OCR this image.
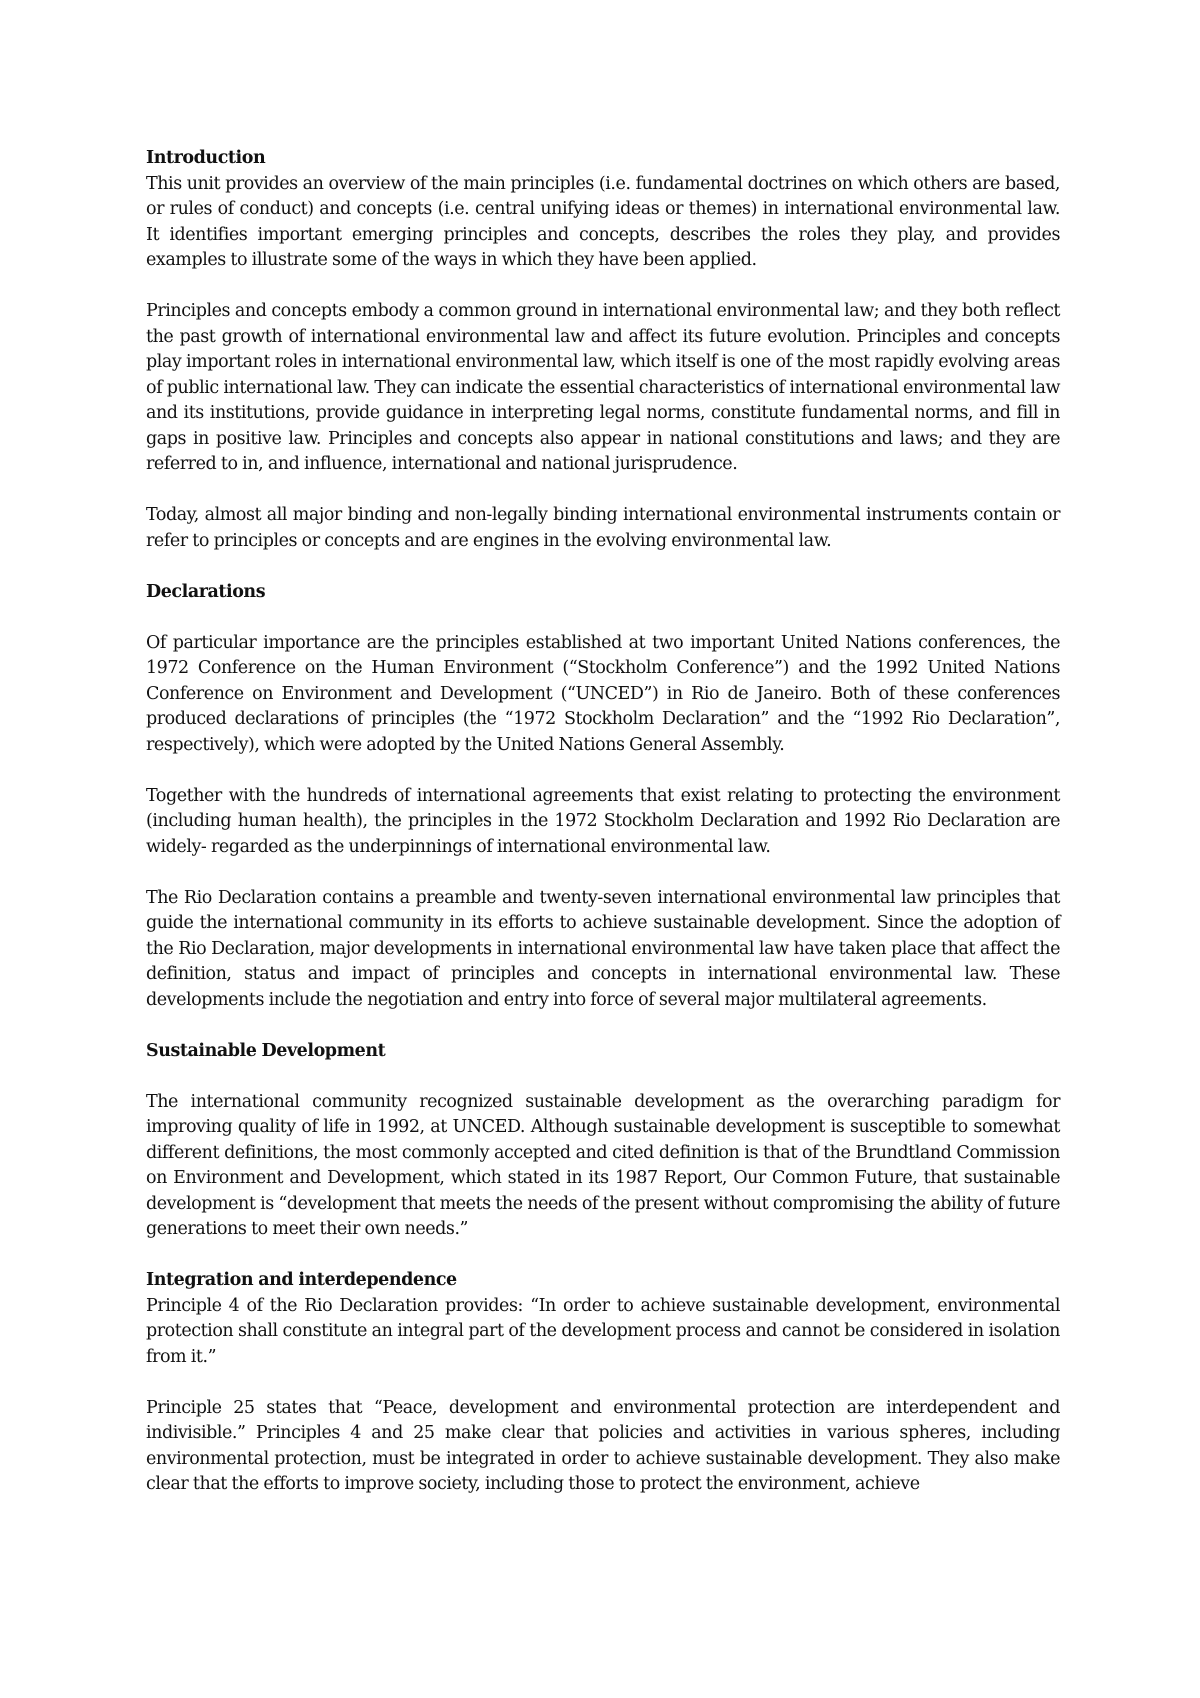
Introduction

This unit provides an overview of the main principles (i.e. fundamental doctrines on which others are based, or rules of conduct) and concepts (i.e. central unifying ideas or themes) in international environmental law. It identifies important emerging principles and concepts, describes the roles they play, and provides examples to illustrate some of the ways in which they have been applied.

Principles and concepts embody a common ground in international environmental law; and they both reflect the past growth of international environmental law and affect its future evolution. Principles and concepts play important roles in international environmental law, which itself is one of the most rapidly evolving areas of public international law. They can indicate the essential characteristics of international environmental law and its institutions, provide guidance in interpreting legal norms, constitute fundamental norms, and fill in gaps in positive law. Principles and concepts also appear in national constitutions and laws; and they are referred to in, and influence, international and national jurisprudence.

Today, almost all major binding and non-legally binding international environmental instruments contain or refer to principles or concepts and are engines in the evolving environmental law.

Declarations

Of particular importance are the principles established at two important United Nations conferences, the 1972 Conference on the Human Environment (“Stockholm Conference”) and the 1992 United Nations Conference on Environment and Development (“UNCED”) in Rio de Janeiro. Both of these conferences produced declarations of principles (the “1972 Stockholm Declaration” and the “1992 Rio Declaration”, respectively), which were adopted by the United Nations General Assembly.

Together with the hundreds of international agreements that exist relating to protecting the environment (including human health), the principles in the 1972 Stockholm Declaration and 1992 Rio Declaration are widely- regarded as the underpinnings of international environmental law.

The Rio Declaration contains a preamble and twenty-seven international environmental law principles that guide the international community in its efforts to achieve sustainable development. Since the adoption of the Rio Declaration, major developments in international environmental law have taken place that affect the definition, status and impact of principles and concepts in international environmental law. These developments include the negotiation and entry into force of several major multilateral agreements.

Sustainable Development

The international community recognized sustainable development as the overarching paradigm for improving quality of life in 1992, at UNCED. Although sustainable development is susceptible to somewhat different definitions, the most commonly accepted and cited definition is that of the Brundtland Commission on Environment and Development, which stated in its 1987 Report, Our Common Future, that sustainable development is “development that meets the needs of the present without compromising the ability of future generations to meet their own needs.”

Integration and interdependence

Principle 4 of the Rio Declaration provides: “In order to achieve sustainable development, environmental protection shall constitute an integral part of the development process and cannot be considered in isolation from it.”

Principle 25 states that “Peace, development and environmental protection are interdependent and indivisible.” Principles 4 and 25 make clear that policies and activities in various spheres, including environmental protection, must be integrated in order to achieve sustainable development. They also make clear that the efforts to improve society, including those to protect the environment, achieve
